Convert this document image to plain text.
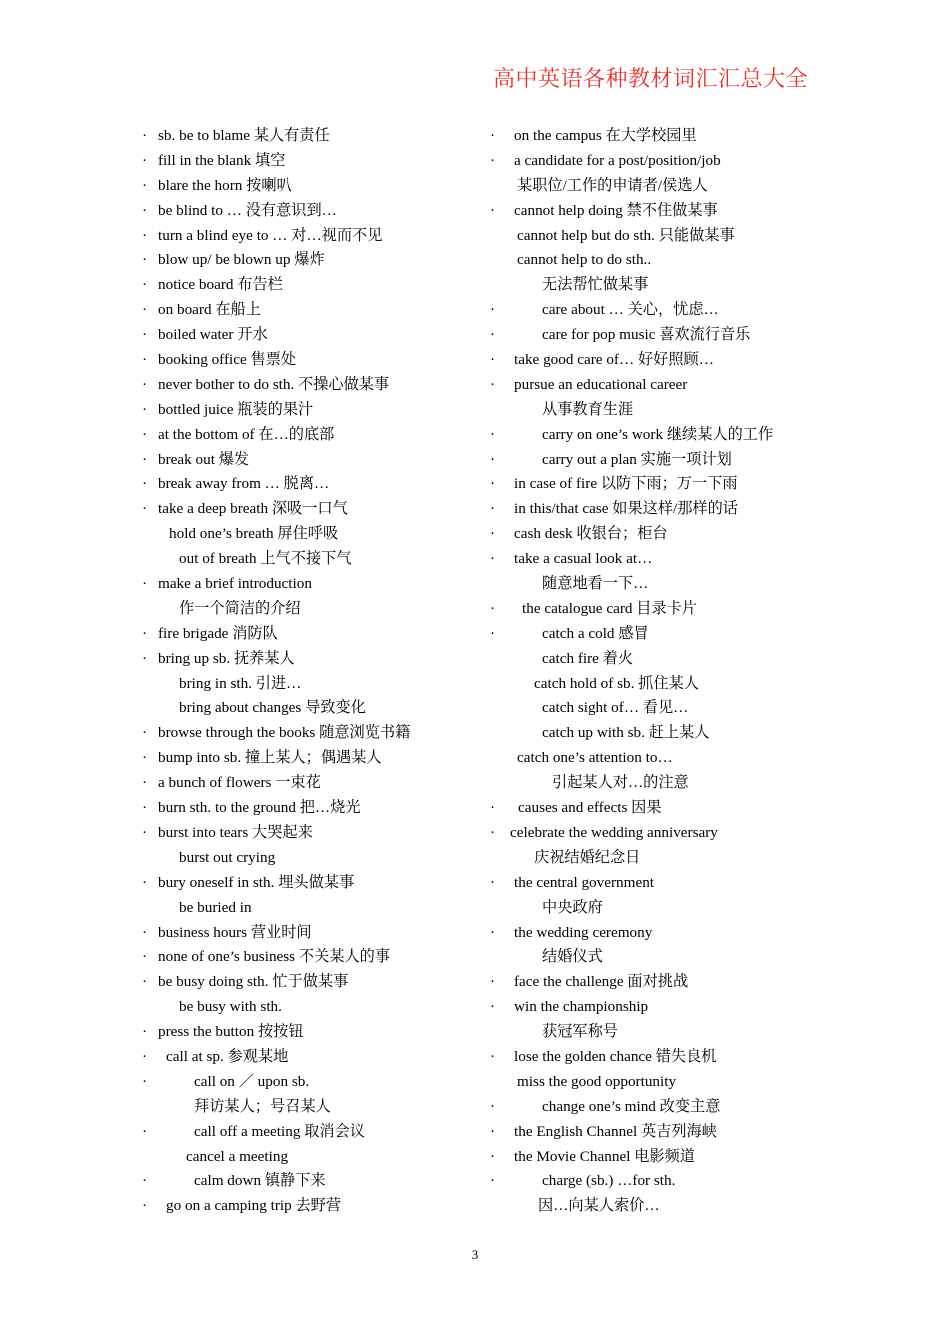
高中英语各种教材词汇汇总大全
· sb. be to blame 某人有责任
· fill in the blank 填空
· blare the horn 按喇叭
· be blind to … 没有意识到…
· turn a blind eye to … 对…视而不见
· blow up/ be blown up 爆炸
· notice board 布告栏
· on board 在船上
· boiled water 开水
· booking office 售票处
· never bother to do sth. 不操心做某事
· bottled juice 瓶装的果汁
· at the bottom of 在…的底部
· break out 爆发
· break away from … 脱离…
· take a deep breath 深吸一口气
hold one’s breath 屏住呼吸
out of breath 上气不接下气
· make a brief introduction
作一个简洁的介绍
· fire brigade 消防队
· bring up sb. 抚养某人
bring in sth. 引进…
bring about changes 导致变化
· browse through the books 随意浏览书籍
· bump into sb. 撞上某人；偶遇某人
· a bunch of flowers 一束花
· burn sth. to the ground 把…烧光
· burst into tears 大哭起来
burst out crying
· bury oneself in sth. 埋头做某事
be buried in
· business hours 营业时间
· none of one’s business 不关某人的事
· be busy doing sth. 忙于做某事
be busy with sth.
· press the button 按按钮
·	call at sp. 参观某地
·	call on ／ upon sb.
拜访某人；号召某人
·	call off a meeting 取消会议
cancel a meeting
·	calm down 镇静下来
·	go on a camping trip 去野营
·	on the campus 在大学校园里
·	a candidate for a post/position/job
某职位/工作的申请者/侯选人
·	cannot help doing 禁不住做某事
cannot help but do sth. 只能做某事
cannot help to do sth..
无法帮忙做某事
·	care about … 关心，忧虑…
·	care for pop music 喜欢流行音乐
·	take good care of… 好好照顾…
·	pursue an educational career
从事教育生涯
·	carry on one’s work 继续某人的工作
·	carry out a plan 实施一项计划
·	in case of fire 以防下雨；万一下雨
·	in this/that case 如果这样/那样的话
·	cash desk 收银台；柜台
·	take a casual look at…
随意地看一下…
·	the catalogue card 目录卡片
·	catch a cold 感冒
catch fire 着火
catch hold of sb. 抓住某人
catch sight of… 看见…
catch up with sb. 赶上某人
catch one’s attention to…
引起某人对…的注意
·	causes and effects 因果
· celebrate the wedding anniversary
庆祝结婚纪念日
·	the central government
中央政府
·	the wedding ceremony
结婚仪式
·	face the challenge 面对挑战
·	win the championship
获冠军称号
·	lose the golden chance 错失良机
miss the good opportunity
·	change one’s mind 改变主意
·	the English Channel 英吉列海峡
·	the Movie Channel 电影频道
·	charge (sb.) …for sth.
因…向某人索价…
3
